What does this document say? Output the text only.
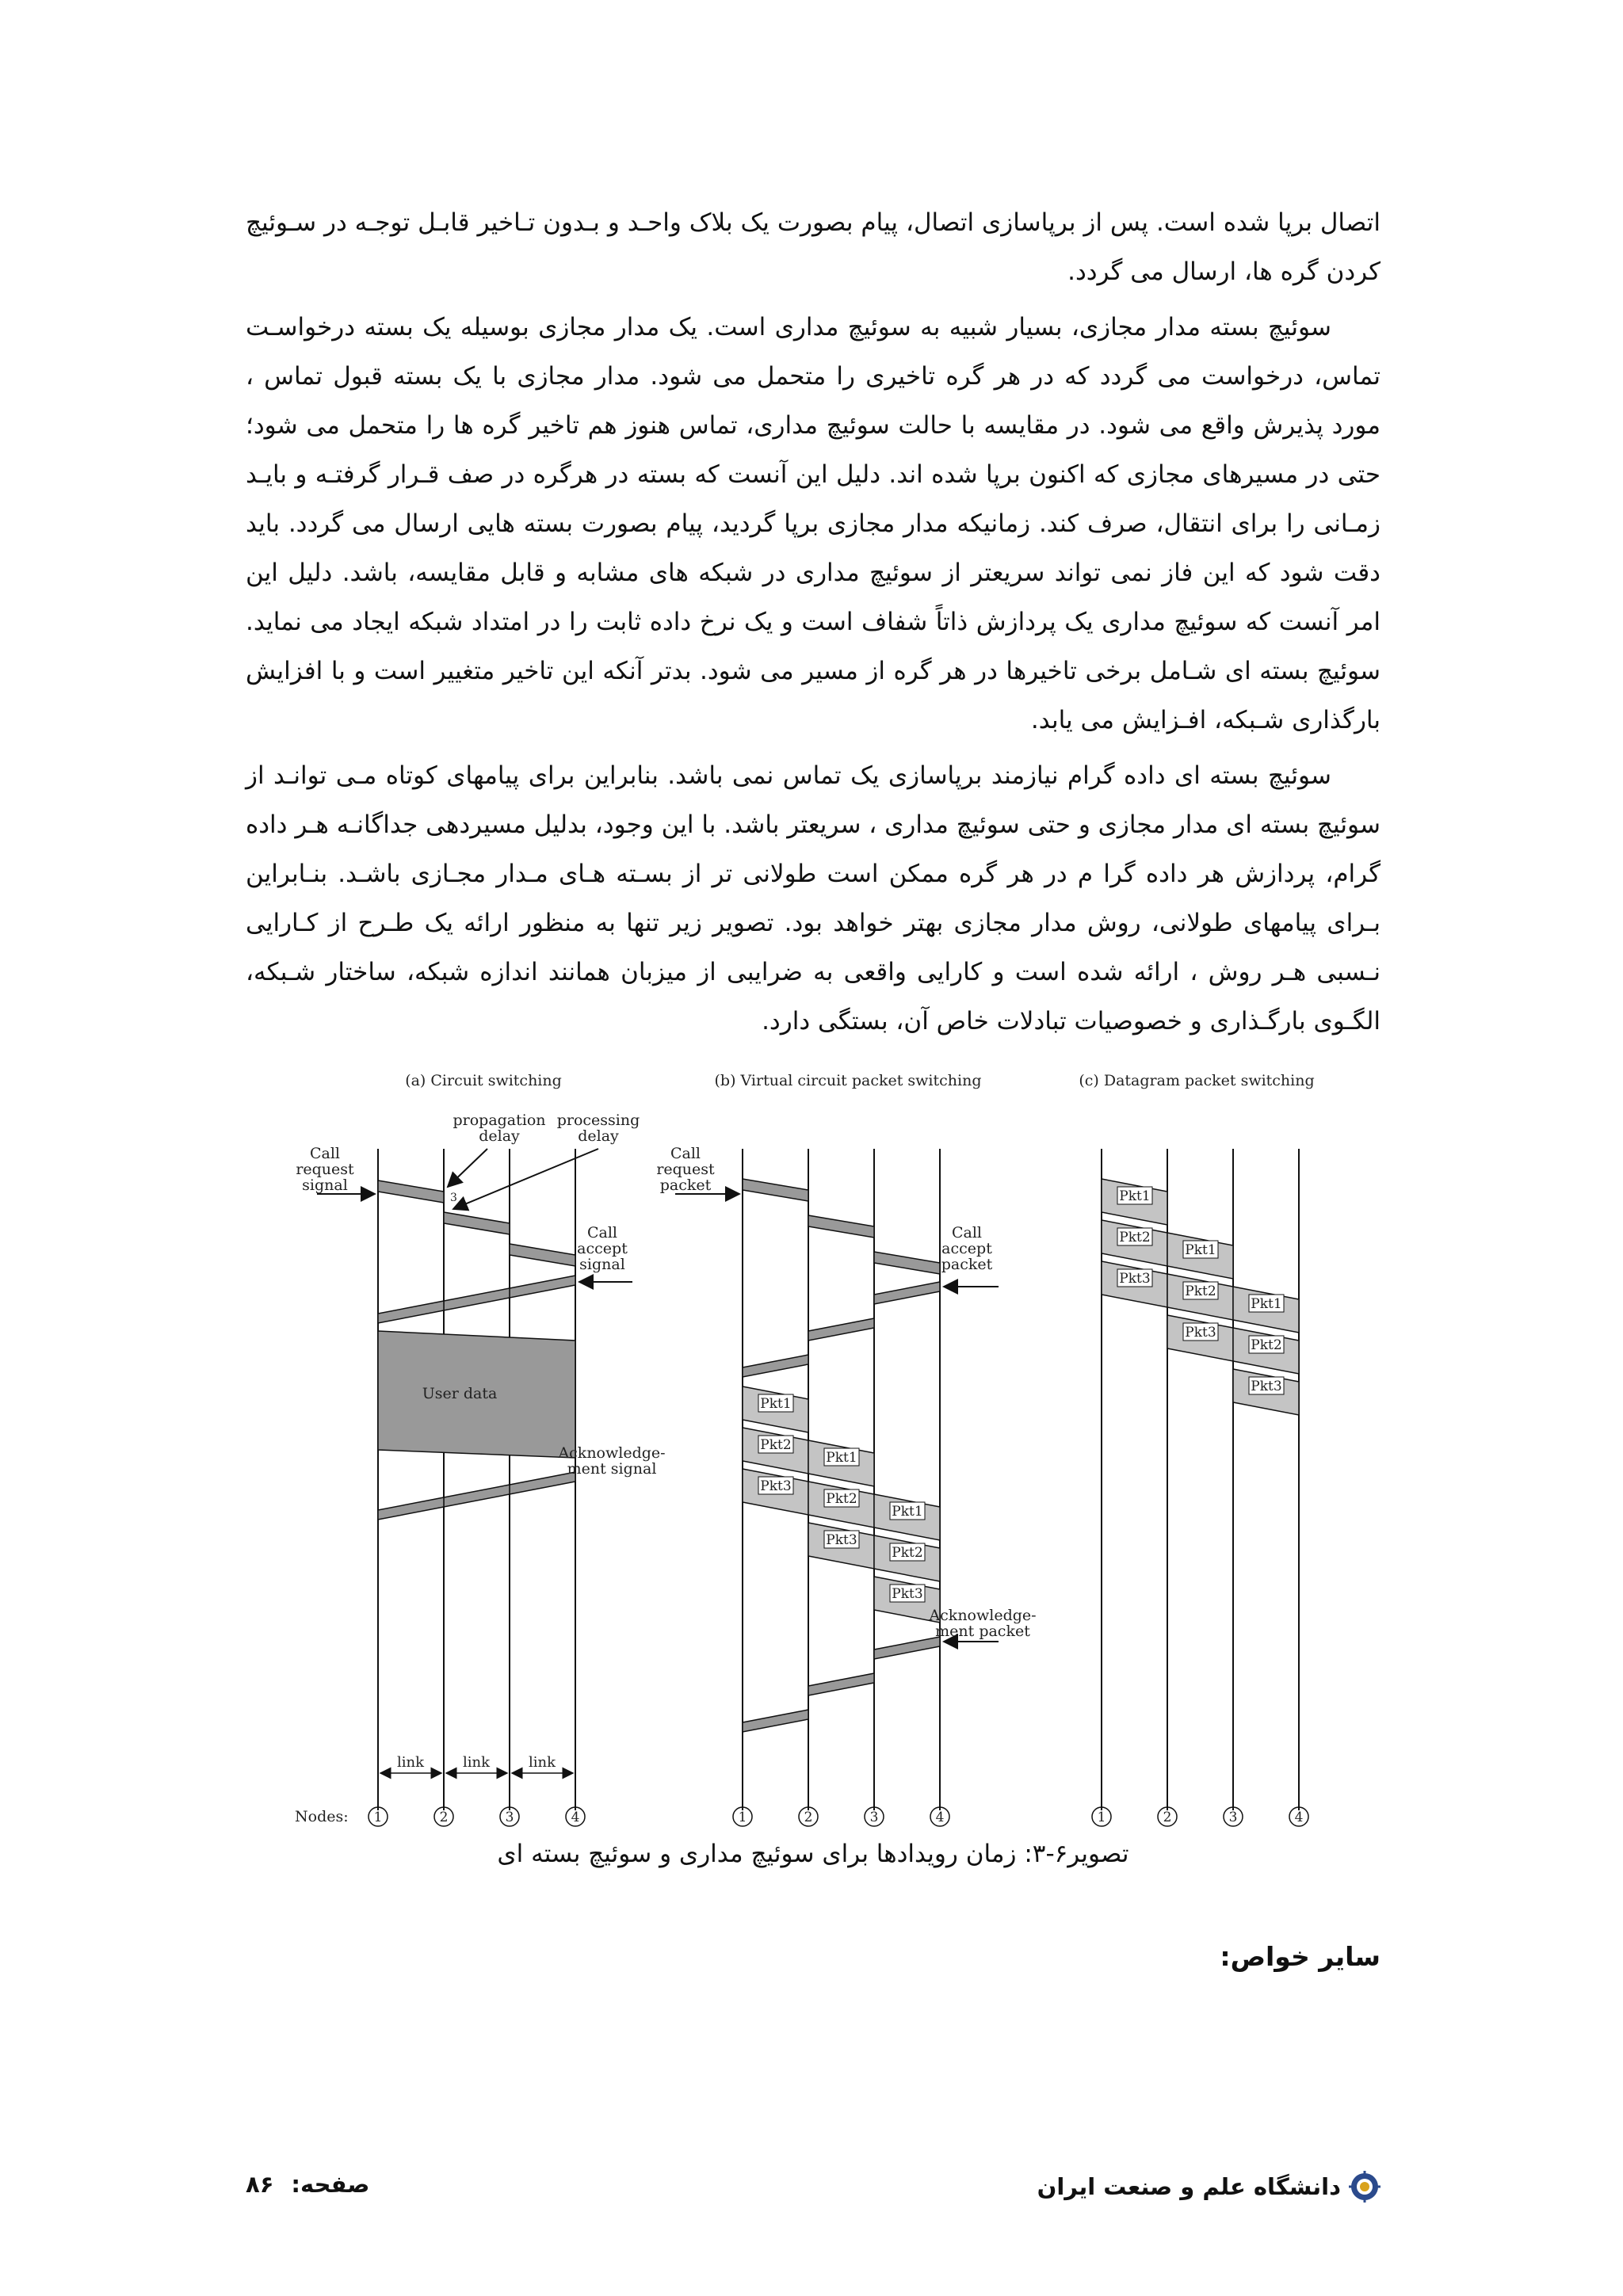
اتصال برپا شده است. پس از برپاسازی اتصال، پیام بصورت یک بلاک واحـد و بـدون تـاخیر قابـل توجـه در سـوئیچ کردن گره ها، ارسال می گردد.

سوئیچ بسته مدار مجازی، بسیار شبیه به سوئیچ مداری است. یک مدار مجازی بوسیله یک بسته درخواسـت تماس، درخواست می گردد که در هر گره تاخیری را متحمل می شود. مدار مجازی با یک بسته قبول تماس ، مورد پذیرش واقع می شود. در مقایسه با حالت سوئیچ مداری، تماس هنوز هم تاخیر گره ها را متحمل می شود؛ حتی در مسیرهای مجازی که اکنون برپا شده اند. دلیل این آنست که بسته در هرگره در صف قـرار گرفتـه و بایـد زمـانی را برای انتقال، صرف کند. زمانیکه مدار مجازی برپا گردید، پیام بصورت بسته هایی ارسال می گردد. باید دقت شود که این فاز نمی تواند سریعتر از سوئیچ مداری در شبکه های مشابه و قابل مقایسه، باشد. دلیل این امر آنست که سوئیچ مداری یک پردازش ذاتاً شفاف است و یک نرخ داده ثابت را در امتداد شبکه ایجاد می نماید. سوئیچ بسته ای شـامل برخی تاخیرها در هر گره از مسیر می شود. بدتر آنکه این تاخیر متغییر است و با افزایش بارگذاری شـبکه، افـزایش می یابد.

سوئیچ بسته ای داده گرام نیازمند برپاسازی یک تماس نمی باشد. بنابراین برای پیامهای کوتاه مـی توانـد از سوئیچ بسته ای مدار مجازی و حتی سوئیچ مداری ، سریعتر باشد. با این وجود، بدلیل مسیردهی جداگانـه هـر داده گرام، پردازش هر داده گرا م در هر گره ممکن است طولانی تر از بسـته هـای مـدار مجـازی باشـد. بنـابراین بـرای پیامهای طولانی، روش مدار مجازی بهتر خواهد بود. تصویر زیر تنها به منظور ارائه یک طـرح از کـارایی نـسبی هـر روش ، ارائه شده است و کارایی واقعی به ضرایبی از میزبان همانند اندازه شبکه، ساختار شـبکه، الگـوی بارگـذاری و خصوصیات تبادلات خاص آن، بستگی دارد.

(a) Circuit switching	(b) Virtual circuit packet switching	(c) Datagram packet switching
User data
Call
request
signal
propagation
delay
processing
delay
3
Call
accept
signal
Acknowledge-
ment signal
link	link	link
Nodes: 1	2	3	4
Pkt1
Pkt2
Pkt3
Pkt1
Pkt2
Pkt3
Pkt1
Pkt2
Pkt3
Call
request
packet
Call
accept
packet
Acknowledge-
ment packet
1	2	3	4
Pkt1
Pkt2
Pkt3
Pkt1
Pkt2
Pkt3
Pkt1
Pkt2
Pkt3
1	2	3	4
تصویر۶-۳: زمان رویدادها برای سوئیچ مداری و سوئیچ بسته ای
سایر خواص:
دانشگاه علم و صنعت ایران
صفحه:
۸۶
